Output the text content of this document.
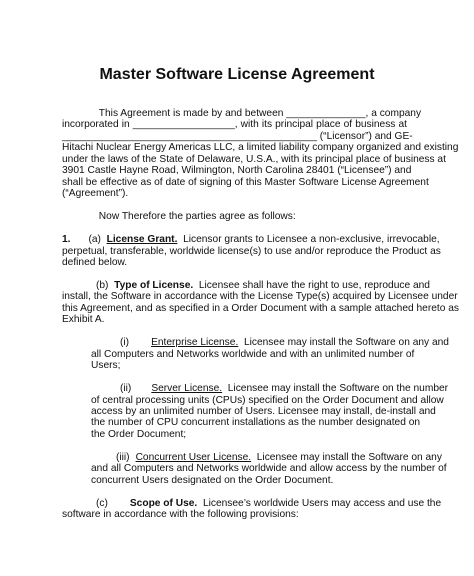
Master Software License Agreement
This Agreement is made by and between ______________, a company
incorporated in __________________, with its principal place of business at
_____________________________________________ (“Licensor”) and GE-
Hitachi Nuclear Energy Americas LLC, a limited liability company organized and existing
under the laws of the State of Delaware, U.S.A., with its principal place of business at
3901 Castle Hayne Road, Wilmington, North Carolina 28401 (“Licensee”) and
shall be effective as of date of signing of this Master Software License Agreement
(“Agreement”).
Now Therefore the parties agree as follows:
1. (a) License Grant. Licensor grants to Licensee a non-exclusive, irrevocable,
perpetual, transferable, worldwide license(s) to use and/or reproduce the Product as
defined below.
(b) Type of License. Licensee shall have the right to use, reproduce and
install, the Software in accordance with the License Type(s) acquired by Licensee under
this Agreement, and as specified in a Order Document with a sample attached hereto as
Exhibit A.
(i) Enterprise License. Licensee may install the Software on any and
all Computers and Networks worldwide and with an unlimited number of
Users;
(ii) Server License. Licensee may install the Software on the number
of central processing units (CPUs) specified on the Order Document and allow
access by an unlimited number of Users. Licensee may install, de-install and
the number of CPU concurrent installations as the number designated on
the Order Document;
(iii) Concurrent User License. Licensee may install the Software on any
and all Computers and Networks worldwide and allow access by the number of
concurrent Users designated on the Order Document.
(c) Scope of Use. Licensee’s worldwide Users may access and use the
software in accordance with the following provisions:
